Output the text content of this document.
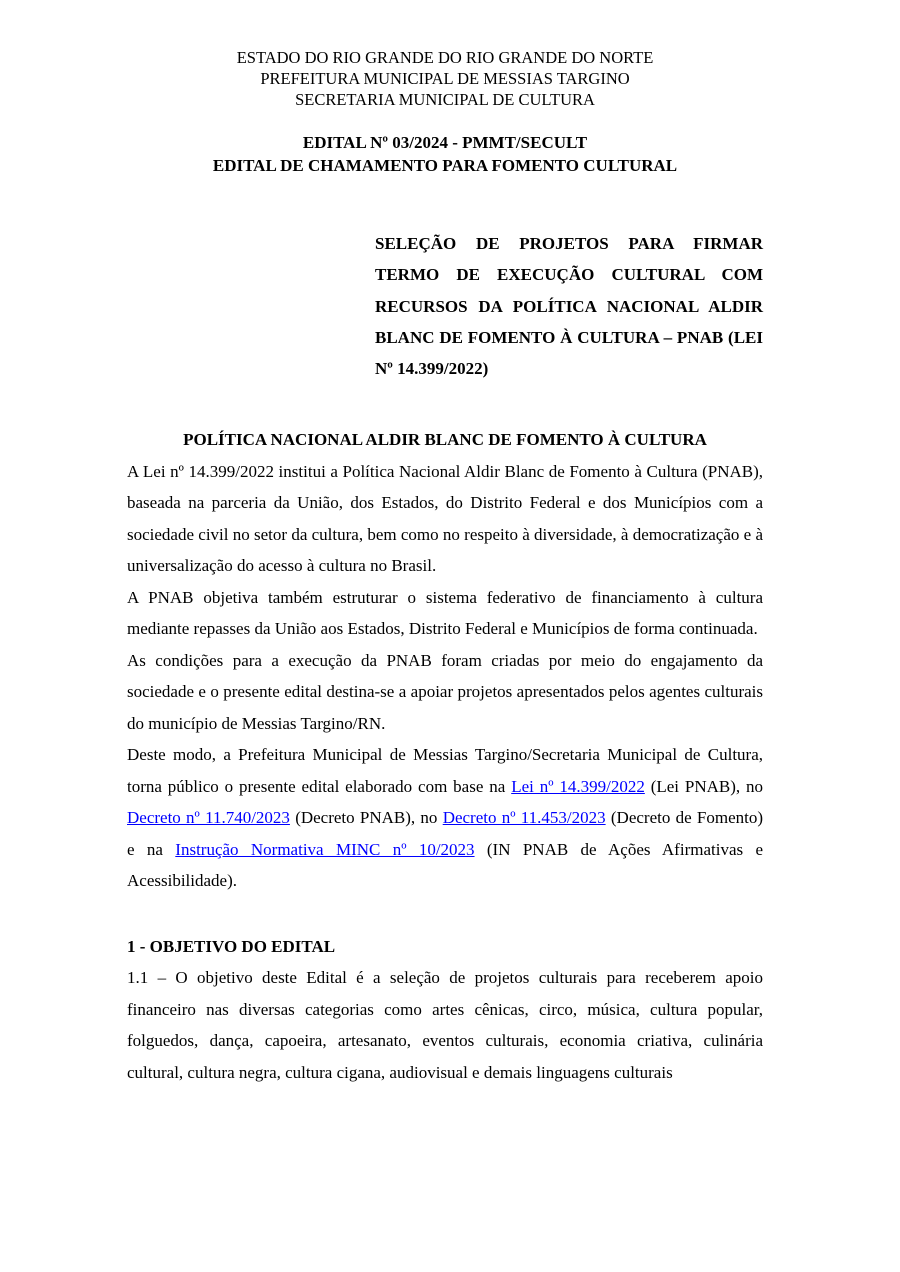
ESTADO DO RIO GRANDE DO RIO GRANDE DO NORTE
PREFEITURA MUNICIPAL DE MESSIAS TARGINO
SECRETARIA MUNICIPAL DE CULTURA
EDITAL Nº 03/2024 - PMMT/SECULT
EDITAL DE CHAMAMENTO PARA FOMENTO CULTURAL
SELEÇÃO DE PROJETOS PARA FIRMAR TERMO DE EXECUÇÃO CULTURAL COM RECURSOS DA POLÍTICA NACIONAL ALDIR BLANC DE FOMENTO À CULTURA – PNAB (LEI Nº 14.399/2022)
POLÍTICA NACIONAL ALDIR BLANC DE FOMENTO À CULTURA

A Lei nº 14.399/2022 institui a Política Nacional Aldir Blanc de Fomento à Cultura (PNAB), baseada na parceria da União, dos Estados, do Distrito Federal e dos Municípios com a sociedade civil no setor da cultura, bem como no respeito à diversidade, à democratização e à universalização do acesso à cultura no Brasil.

A PNAB objetiva também estruturar o sistema federativo de financiamento à cultura mediante repasses da União aos Estados, Distrito Federal e Municípios de forma continuada.

As condições para a execução da PNAB foram criadas por meio do engajamento da sociedade e o presente edital destina-se a apoiar projetos apresentados pelos agentes culturais do município de Messias Targino/RN.

Deste modo, a Prefeitura Municipal de Messias Targino/Secretaria Municipal de Cultura, torna público o presente edital elaborado com base na Lei nº 14.399/2022 (Lei PNAB), no Decreto nº 11.740/2023 (Decreto PNAB), no Decreto nº 11.453/2023 (Decreto de Fomento) e na Instrução Normativa MINC nº 10/2023 (IN PNAB de Ações Afirmativas e Acessibilidade).

1 - OBJETIVO DO EDITAL

1.1 – O objetivo deste Edital é a seleção de projetos culturais para receberem apoio financeiro nas diversas categorias como artes cênicas, circo, música, cultura popular, folguedos, dança, capoeira, artesanato, eventos culturais, economia criativa, culinária cultural, cultura negra, cultura cigana, audiovisual e demais linguagens culturais
